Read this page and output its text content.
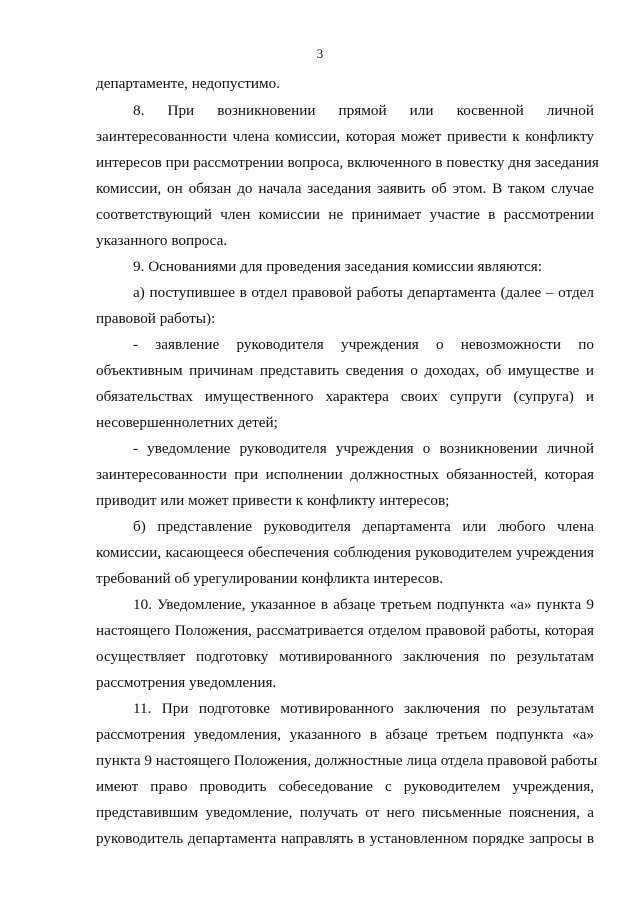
3
департаменте, недопустимо.
8. При возникновении прямой или косвенной личной
заинтересованности члена комиссии, которая может привести к конфликту
интересов при рассмотрении вопроса, включенного в повестку дня заседания
комиссии, он обязан до начала заседания заявить об этом. В таком случае
соответствующий член комиссии не принимает участие в рассмотрении
указанного вопроса.
9. Основаниями для проведения заседания комиссии являются:
а) поступившее в отдел правовой работы департамента (далее – отдел
правовой работы):
- заявление руководителя учреждения о невозможности по
объективным причинам представить сведения о доходах, об имуществе и
обязательствах имущественного характера своих супруги (супруга) и
несовершеннолетних детей;
- уведомление руководителя учреждения о возникновении личной
заинтересованности при исполнении должностных обязанностей, которая
приводит или может привести к конфликту интересов;
б) представление руководителя департамента или любого члена
комиссии, касающееся обеспечения соблюдения руководителем учреждения
требований об урегулировании конфликта интересов.
10. Уведомление, указанное в абзаце третьем подпункта «а» пункта 9
настоящего Положения, рассматривается отделом правовой работы, которая
осуществляет подготовку мотивированного заключения по результатам
рассмотрения уведомления.
11. При подготовке мотивированного заключения по результатам
рассмотрения уведомления, указанного в абзаце третьем подпункта «а»
пункта 9 настоящего Положения, должностные лица отдела правовой работы
имеют право проводить собеседование с руководителем учреждения,
представившим уведомление, получать от него письменные пояснения, а
руководитель департамента направлять в установленном порядке запросы в
